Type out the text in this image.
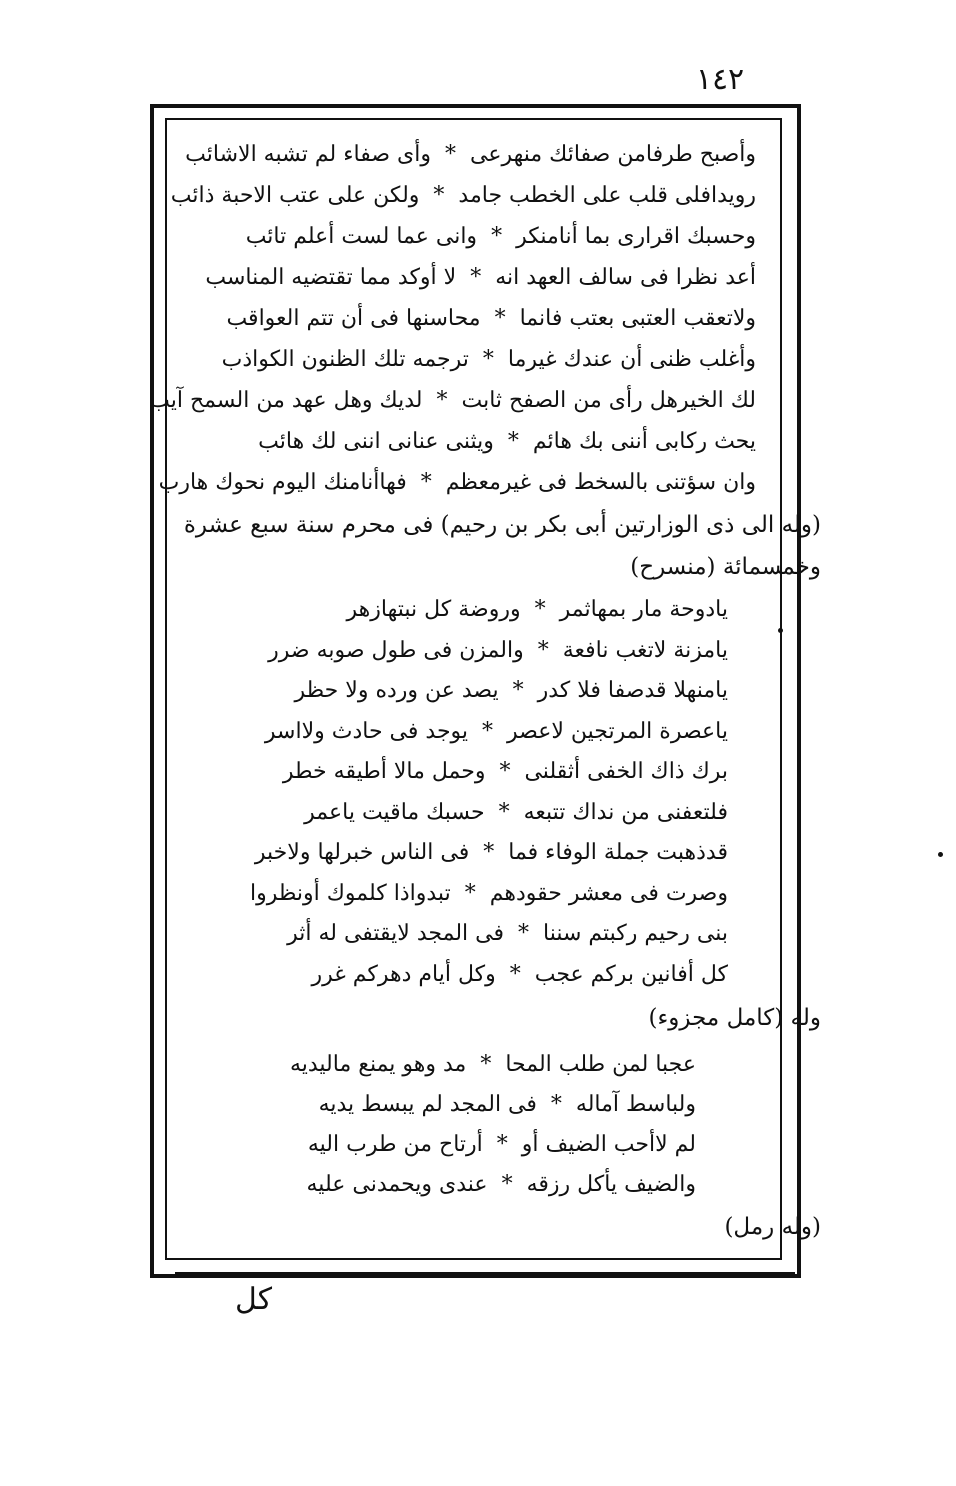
١٤٢
وأصبح طرفامن صفائك منهرعى*وأى صفاء لم تشبه الاشائب
رويدافلى قلب على الخطب جامد*ولكن على عتب الاحبة ذائب
وحسبك اقرارى بما أنامنكر*وانى عما لست أعلم تائب
أعد نظرا فى سالف العهد انه*لا أوكد مما تقتضيه المناسب
ولاتعقب العتبى بعتب فانما*محاسنها فى أن تتم العواقب
وأغلب ظنى أن عندك غيرما*ترجمه تلك الظنون الكواذب
لك الخيرهل رأى من الصفح ثابت*لديك وهل عهد من السمح آيب
يحث ركابى أننى بك هائم*ويثنى عنانى اننى لك هائب
وان سؤتنى بالسخط فى غيرمعظم*فهاأنامنك اليوم نحوك هارب
(وله الى ذى الوزارتين أبى بكر بن رحيم) فى محرم سنة سبع عشرة
وخمسمائة (منسرح)
يادوحة مار بمهاثمر*وروضة كل نبتهازهر
يامزنة لاتغب نافعة*والمزن فى طول صوبه ضرر
يامنهلا قدصفا فلا كدر*يصد عن ورده ولا حظر
ياعصرة المرتجين لاعصر*يوجد فى حادث ولااسر
برك ذاك الخفى أثقلنى*وحمل مالا أطيقه خطر
فلتعفنى من نداك تتبعه*حسبك ماقيت ياعمر
قدذهبت جملة الوفاء فما*فى الناس خبرلها ولاخبر
وصرت فى معشر حقودهم*تبدواذا كلموك أونظروا
بنى رحيم ركبتم سننا*فى المجد لايقتفى له أثر
كل أفانين بركم عجب*وكل أيام دهركم غرر
وله (كامل مجزوء)
عجبا لمن طلب المحا*مد وهو يمنع ماليديه
ولباسط آماله*فى المجد لم يبسط يديه
لم لاأحب الضيف أو*أرتاح من طرب اليه
والضيف يأكل رزقه*عندى ويحمدنى عليه
(وله رمل)
كل
